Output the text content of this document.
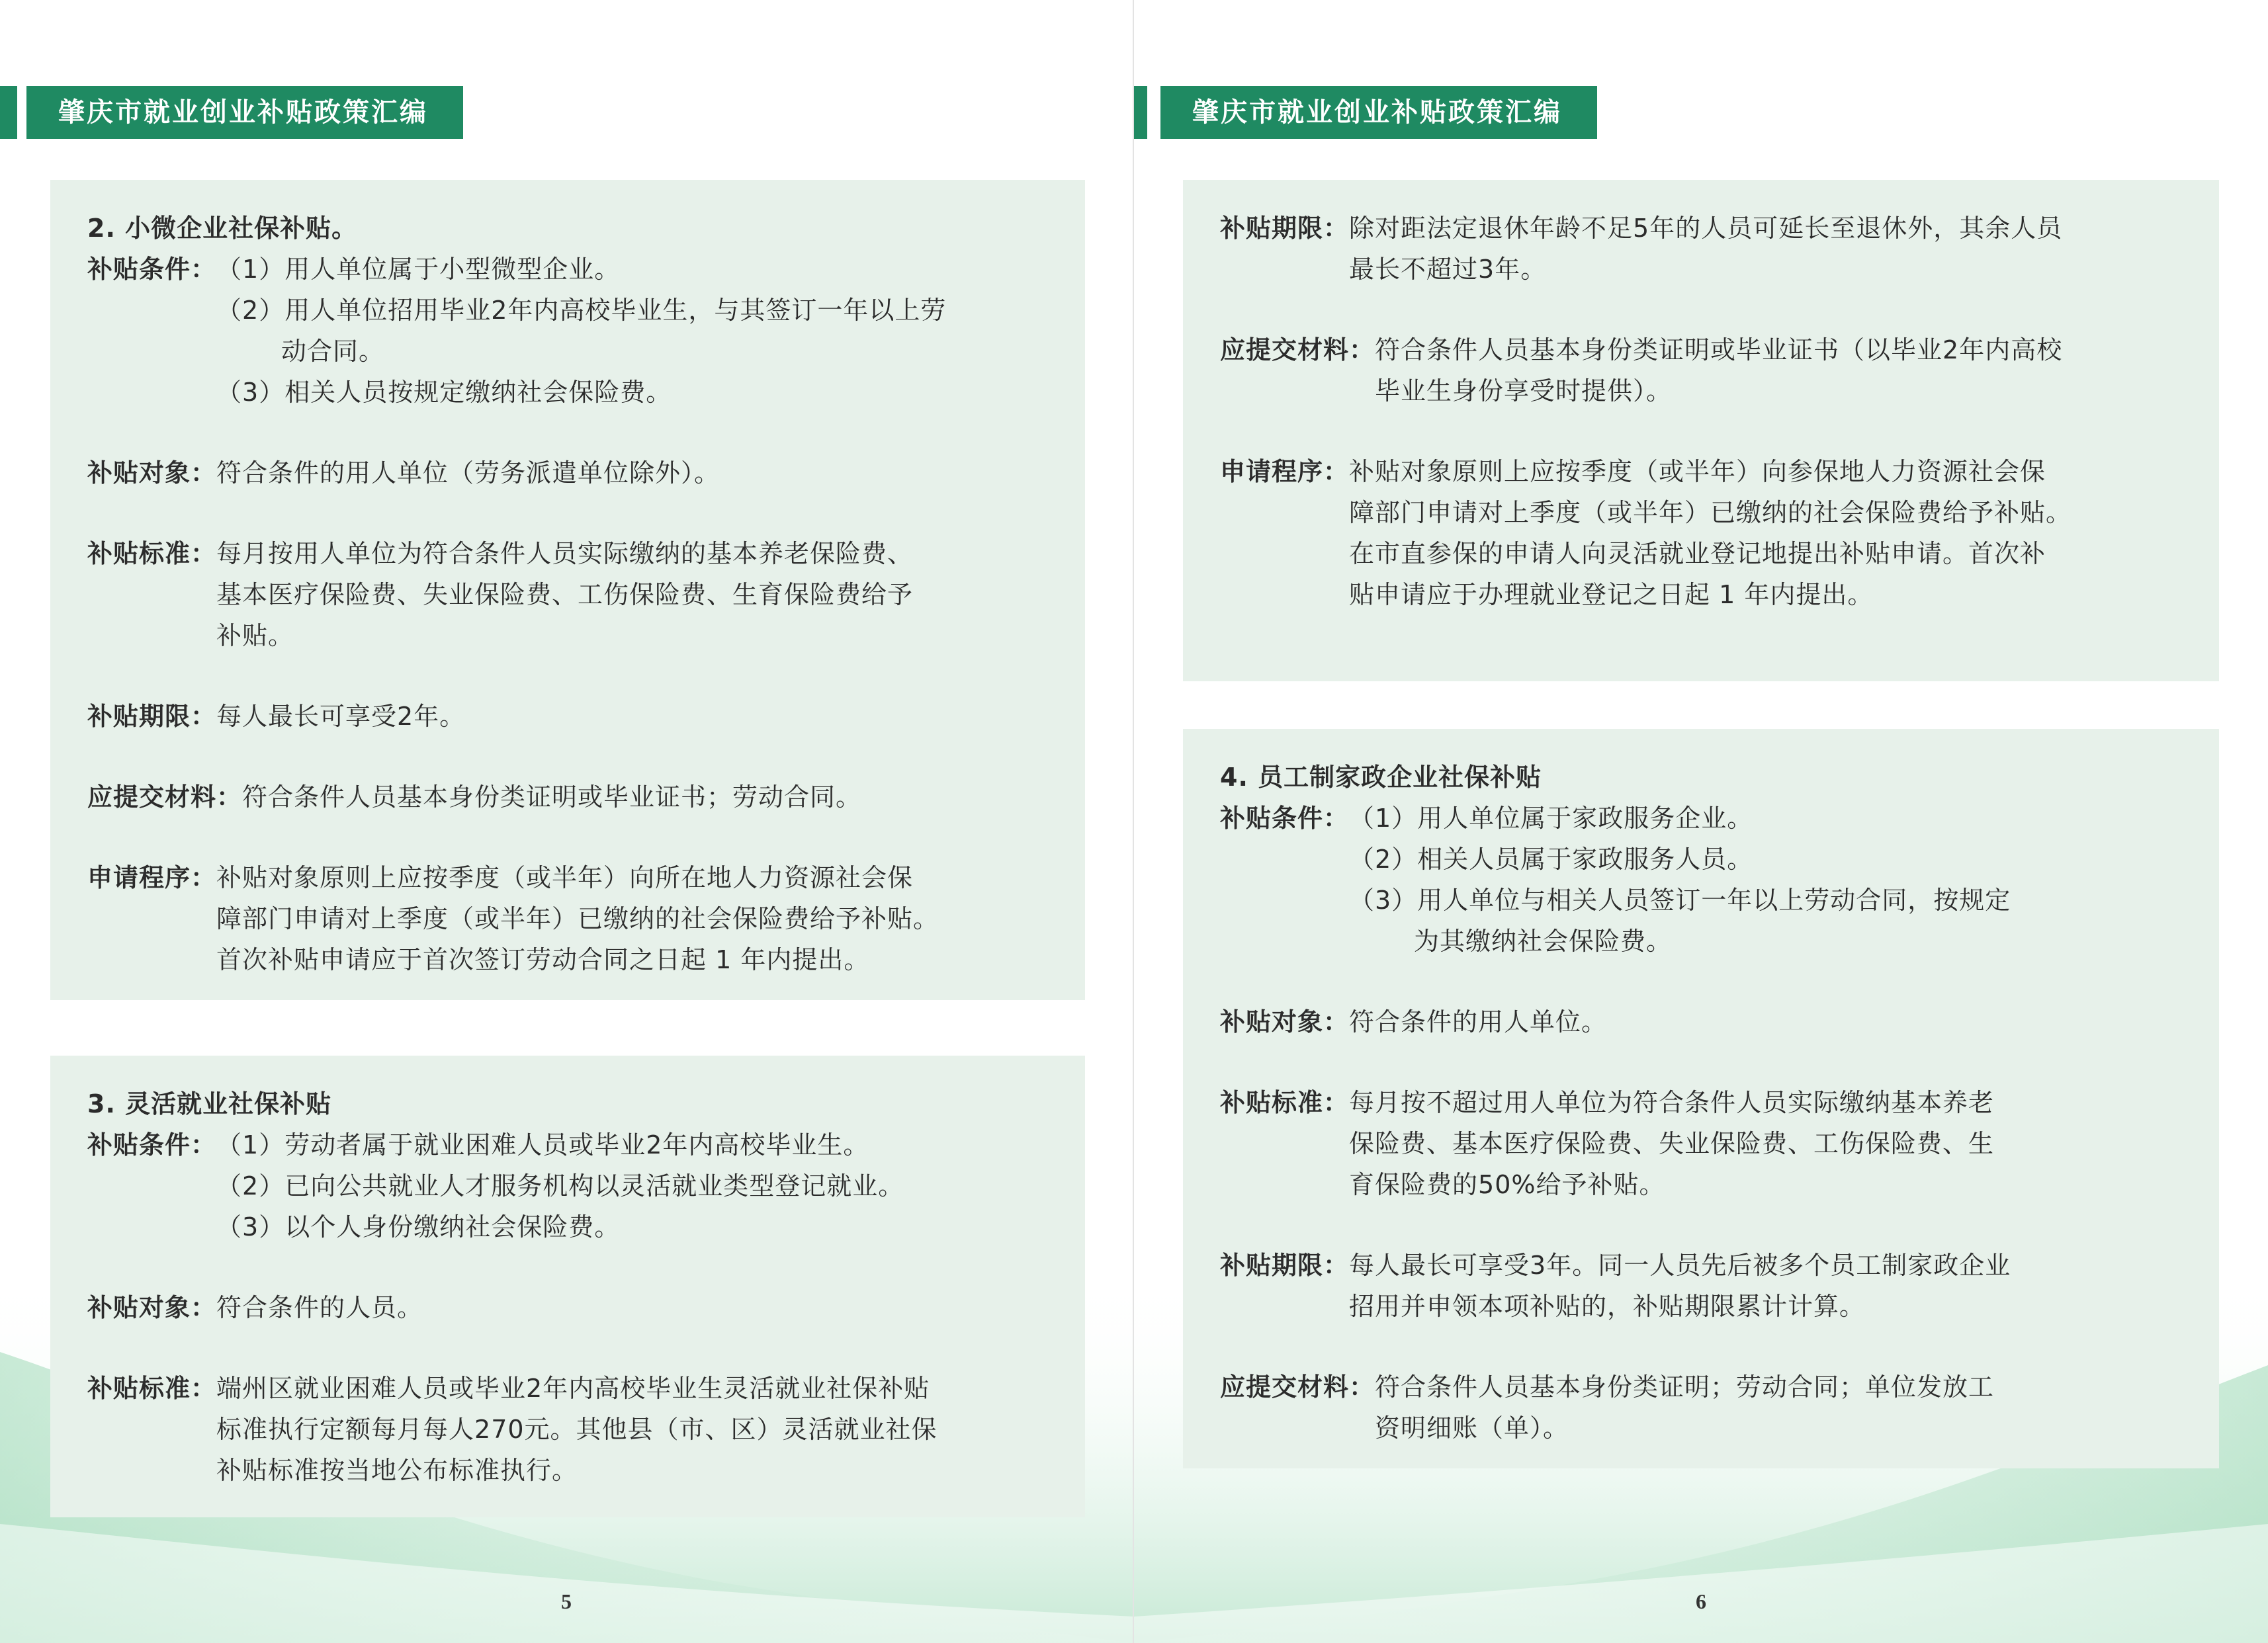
肇庆市就业创业补贴政策汇编
2. 小微企业社保补贴。
补贴条件： （1）用人单位属于小型微型企业。
（2）用人单位招用毕业2年内高校毕业生，与其签订一年以上劳
动合同。
（3）相关人员按规定缴纳社会保险费。
补贴对象： 符合条件的用人单位（劳务派遣单位除外）。
补贴标准： 每月按用人单位为符合条件人员实际缴纳的基本养老保险费、
基本医疗保险费、失业保险费、工伤保险费、生育保险费给予
补贴。
补贴期限： 每人最长可享受2年。
应提交材料： 符合条件人员基本身份类证明或毕业证书；劳动合同。
申请程序： 补贴对象原则上应按季度（或半年）向所在地人力资源社会保
障部门申请对上季度（或半年）已缴纳的社会保险费给予补贴。
首次补贴申请应于首次签订劳动合同之日起 1 年内提出。
3. 灵活就业社保补贴
补贴条件： （1）劳动者属于就业困难人员或毕业2年内高校毕业生。
（2）已向公共就业人才服务机构以灵活就业类型登记就业。
（3）以个人身份缴纳社会保险费。
补贴对象： 符合条件的人员。
补贴标准： 端州区就业困难人员或毕业2年内高校毕业生灵活就业社保补贴
标准执行定额每月每人270元。其他县（市、区）灵活就业社保
补贴标准按当地公布标准执行。
5
肇庆市就业创业补贴政策汇编
补贴期限： 除对距法定退休年龄不足5年的人员可延长至退休外，其余人员
最长不超过3年。
应提交材料： 符合条件人员基本身份类证明或毕业证书（以毕业2年内高校
毕业生身份享受时提供）。
申请程序： 补贴对象原则上应按季度（或半年）向参保地人力资源社会保
障部门申请对上季度（或半年）已缴纳的社会保险费给予补贴。
在市直参保的申请人向灵活就业登记地提出补贴申请。首次补
贴申请应于办理就业登记之日起 1 年内提出。
4. 员工制家政企业社保补贴
补贴条件： （1）用人单位属于家政服务企业。
（2）相关人员属于家政服务人员。
（3）用人单位与相关人员签订一年以上劳动合同，按规定
为其缴纳社会保险费。
补贴对象： 符合条件的用人单位。
补贴标准： 每月按不超过用人单位为符合条件人员实际缴纳基本养老
保险费、基本医疗保险费、失业保险费、工伤保险费、生
育保险费的50%给予补贴。
补贴期限： 每人最长可享受3年。同一人员先后被多个员工制家政企业
招用并申领本项补贴的，补贴期限累计计算。
应提交材料： 符合条件人员基本身份类证明；劳动合同；单位发放工
资明细账（单）。
6
